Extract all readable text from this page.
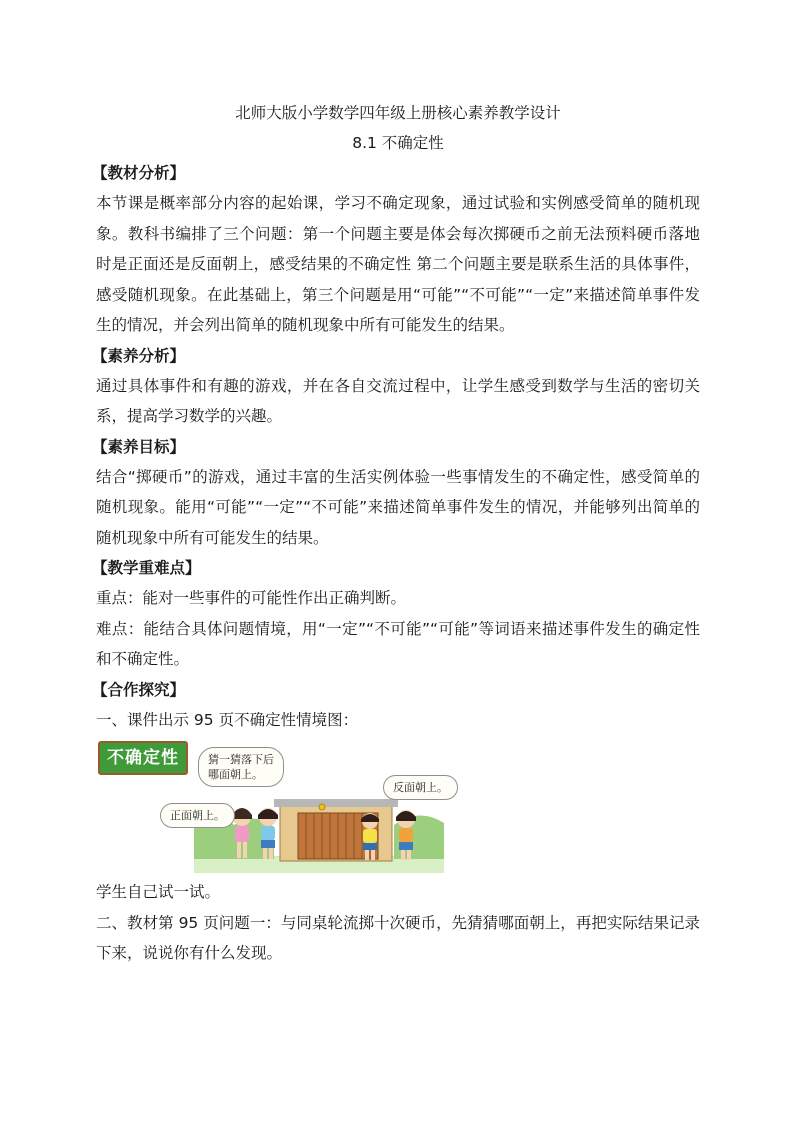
北师大版小学数学四年级上册核心素养教学设计
8.1 不确定性

【教材分析】

本节课是概率部分内容的起始课，学习不确定现象，通过试验和实例感受简单的随机现象。教科书编排了三个问题：第一个问题主要是体会每次掷硬币之前无法预料硬币落地时是正面还是反面朝上，感受结果的不确定性 第二个问题主要是联系生活的具体事件，感受随机现象。在此基础上，第三个问题是用“可能”“不可能”“一定”来描述简单事件发生的情况，并会列出简单的随机现象中所有可能发生的结果。

【素养分析】

通过具体事件和有趣的游戏，并在各自交流过程中，让学生感受到数学与生活的密切关系，提高学习数学的兴趣。

【素养目标】

结合“掷硬币”的游戏，通过丰富的生活实例体验一些事情发生的不确定性，感受简单的随机现象。能用“可能”“一定”“不可能”来描述简单事件发生的情况，并能够列出简单的随机现象中所有可能发生的结果。

【教学重难点】

重点：能对一些事件的可能性作出正确判断。

难点：能结合具体问题情境，用“一定”“不可能”“可能”等词语来描述事件发生的确定性和不确定性。

【合作探究】

一、课件出示 95 页不确定性情境图：

不确定性	猜一猜落下后哪面朝上。
反面朝上。
正面朝上。

学生自己试一试。

二、教材第 95 页问题一：与同桌轮流掷十次硬币，先猜猜哪面朝上，再把实际结果记录下来，说说你有什么发现。
